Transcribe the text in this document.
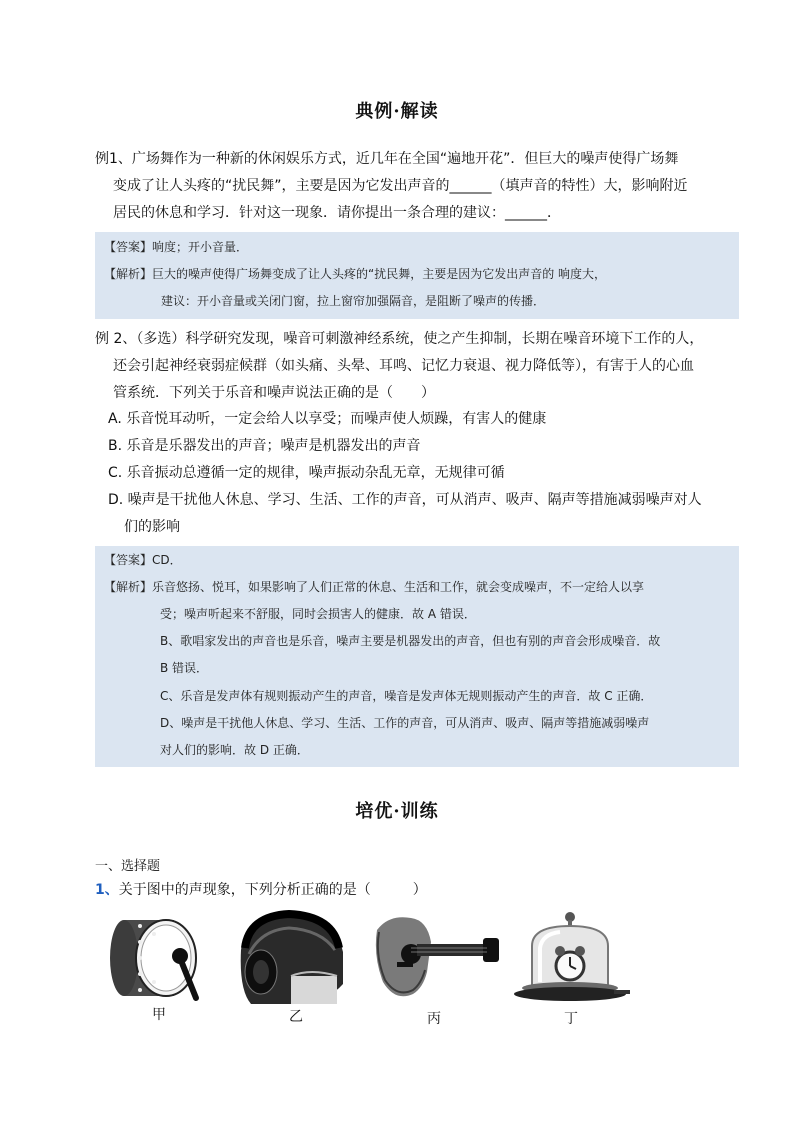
典例·解读
例1、广场舞作为一种新的休闲娱乐方式，近几年在全国“遍地开花”．但巨大的噪声使得广场舞
变成了让人头疼的“扰民舞”，主要是因为它发出声音的______（填声音的特性）大，影响附近
居民的休息和学习．针对这一现象．请你提出一条合理的建议：______．
【答案】响度；开小音量．
【解析】巨大的噪声使得广场舞变成了让人头疼的“扰民舞，主要是因为它发出声音的 响度大，
建议：开小音量或关闭门窗，拉上窗帘加强隔音，是阻断了噪声的传播．
例 2、（多选）科学研究发现，噪音可刺激神经系统，使之产生抑制，长期在噪音环境下工作的人，
还会引起神经衰弱症候群（如头痛、头晕、耳鸣、记忆力衰退、视力降低等），有害于人的心血
管系统．下列关于乐音和噪声说法正确的是（　　）
A. 乐音悦耳动听，一定会给人以享受；而噪声使人烦躁，有害人的健康
B. 乐音是乐器发出的声音；噪声是机器发出的声音
C. 乐音振动总遵循一定的规律，噪声振动杂乱无章，无规律可循
D. 噪声是干扰他人休息、学习、生活、工作的声音，可从消声、吸声、隔声等措施减弱噪声对人
们的影响
【答案】CD．
【解析】乐音悠扬、悦耳，如果影响了人们正常的休息、生活和工作，就会变成噪声，不一定给人以享
受；噪声听起来不舒服，同时会损害人的健康．故 A 错误．
B、歌唱家发出的声音也是乐音，噪声主要是机器发出的声音，但也有别的声音会形成噪音．故
B 错误．
C、乐音是发声体有规则振动产生的声音，噪音是发声体无规则振动产生的声音．故 C 正确．
D、噪声是干扰他人休息、学习、生活、工作的声音，可从消声、吸声、隔声等措施减弱噪声
对人们的影响．故 D 正确．
培优·训练
一、选择题
1、关于图中的声现象，下列分析正确的是（　　　）
甲	乙	丙	丁
